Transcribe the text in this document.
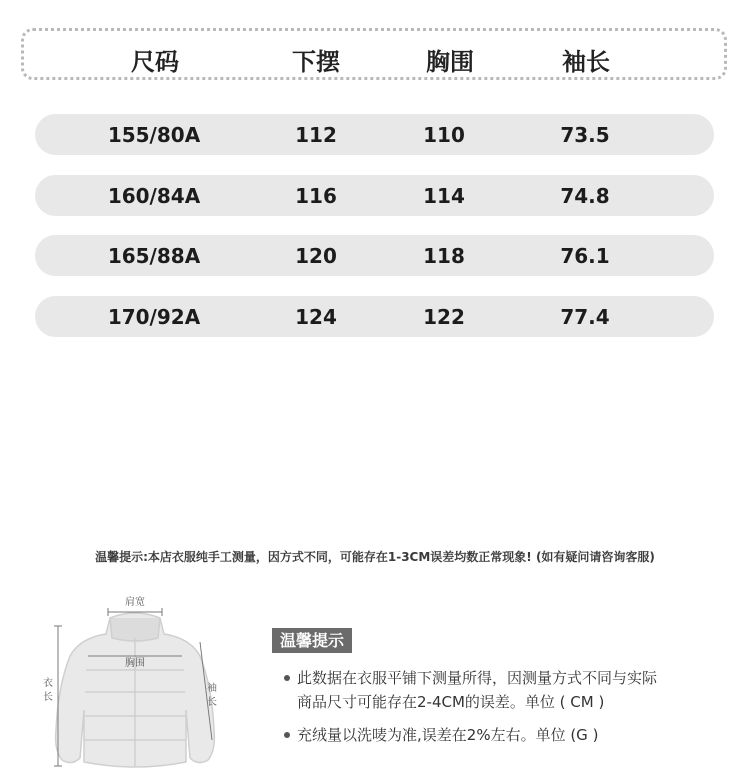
尺码	下摆	胸围	袖长
155/80A	112	110	73.5
160/84A	116	114	74.8
165/88A	120	118	76.1
170/92A	124	122	77.4
温馨提示:本店衣服纯手工测量，因方式不同，可能存在1-3CM误差均数正常现象! (如有疑问请咨询客服)
肩宽
胸围
衣
长
袖
长
温馨提示
此数据在衣服平铺下测量所得，因测量方式不同与实际
商品尺寸可能存在2-4CM的误差。单位 ( CM )
充绒量以洗唛为准,误差在2%左右。单位 (G )
